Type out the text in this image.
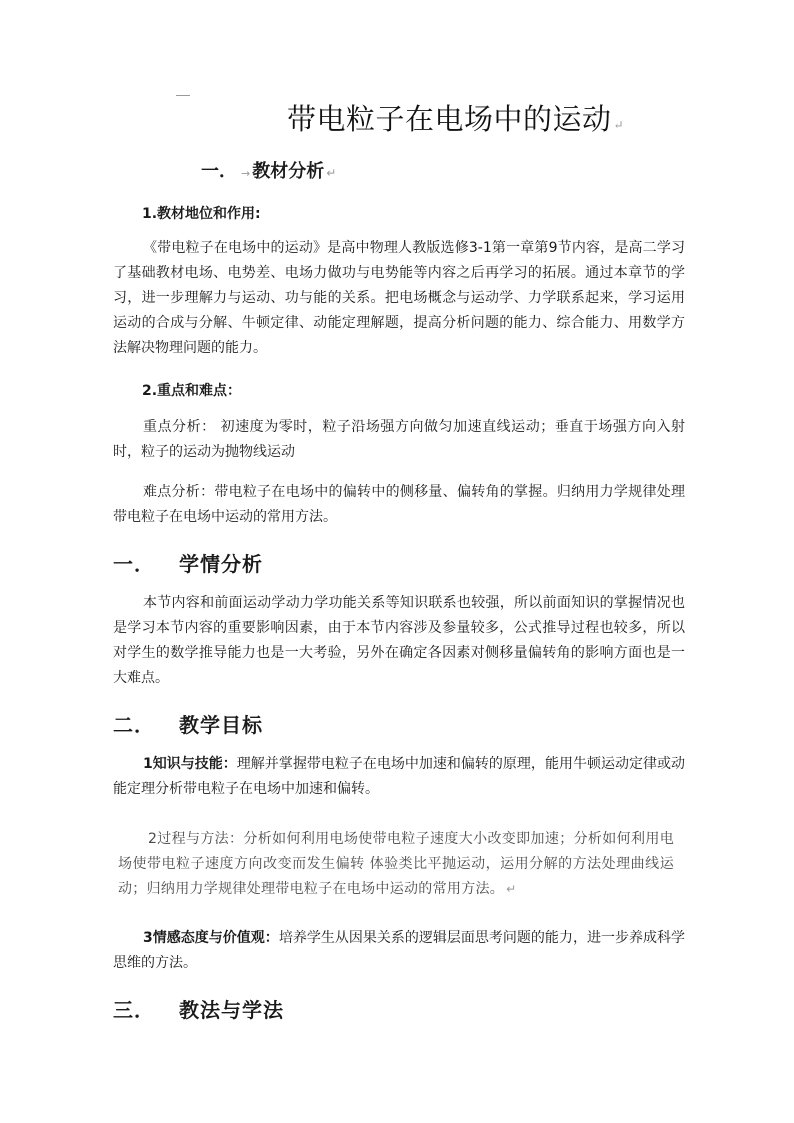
带电粒子在电场中的运动 ↵
一． → 教材分析 ↵
1.教材地位和作用:

《带电粒子在电场中的运动》是高中物理人教版选修3-1第一章第9节内容，是高二学习了基础教材电场、电势差、电场力做功与电势能等内容之后再学习的拓展。通过本章节的学习，进一步理解力与运动、功与能的关系。把电场概念与运动学、力学联系起来，学习运用运动的合成与分解、牛顿定律、动能定理解题，提高分析问题的能力、综合能力、用数学方法解决物理问题的能力。

2.重点和难点：

重点分析： 初速度为零时，粒子沿场强方向做匀加速直线运动；垂直于场强方向入射时，粒子的运动为抛物线运动

难点分析：带电粒子在电场中的偏转中的侧移量、偏转角的掌握。归纳用力学规律处理带电粒子在电场中运动的常用方法。

一． 学情分析

本节内容和前面运动学动力学功能关系等知识联系也较强，所以前面知识的掌握情况也是学习本节内容的重要影响因素，由于本节内容涉及参量较多，公式推导过程也较多，所以对学生的数学推导能力也是一大考验，另外在确定各因素对侧移量偏转角的影响方面也是一大难点。

二． 教学目标

1知识与技能：理解并掌握带电粒子在电场中加速和偏转的原理，能用牛顿运动定律或动能定理分析带电粒子在电场中加速和偏转。

2过程与方法：分析如何利用电场使带电粒子速度大小改变即加速；分析如何利用电场使带电粒子速度方向改变而发生偏转 体验类比平抛运动，运用分解的方法处理曲线运动；归纳用力学规律处理带电粒子在电场中运动的常用方法。 ↵

3情感态度与价值观：培养学生从因果关系的逻辑层面思考问题的能力，进一步养成科学思维的方法。

三． 教法与学法
